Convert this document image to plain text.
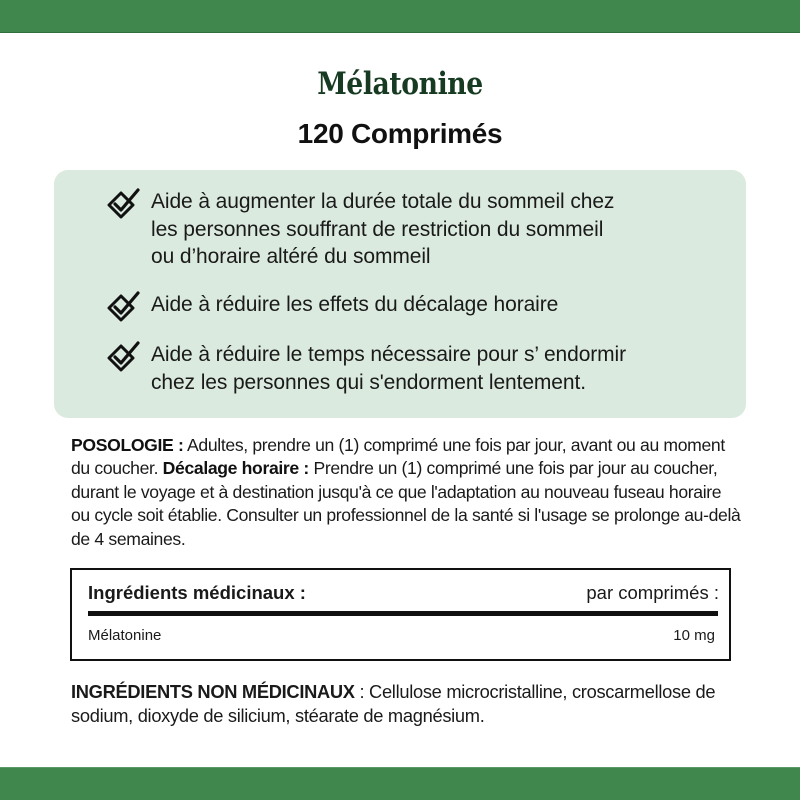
Mélatonine
120 Comprimés
Aide à augmenter la durée totale du sommeil chez
les personnes souffrant de restriction du sommeil
ou d’horaire altéré du sommeil
Aide à réduire les effets du décalage horaire
Aide à réduire le temps nécessaire pour s’ endormir
chez les personnes qui s'endorment lentement.

POSOLOGIE : Adultes, prendre un (1) comprimé une fois par jour, avant ou au moment du coucher. Décalage horaire : Prendre un (1) comprimé une fois par jour au coucher, durant le voyage et à destination jusqu'à ce que l'adaptation au nouveau fuseau horaire ou cycle soit établie. Consulter un professionnel de la santé si l'usage se prolonge au-delà de 4 semaines.

Ingrédients médicinaux :	par comprimés :
Mélatonine	10 mg

INGRÉDIENTS NON MÉDICINAUX : Cellulose microcristalline, croscarmellose de sodium, dioxyde de silicium, stéarate de magnésium.
